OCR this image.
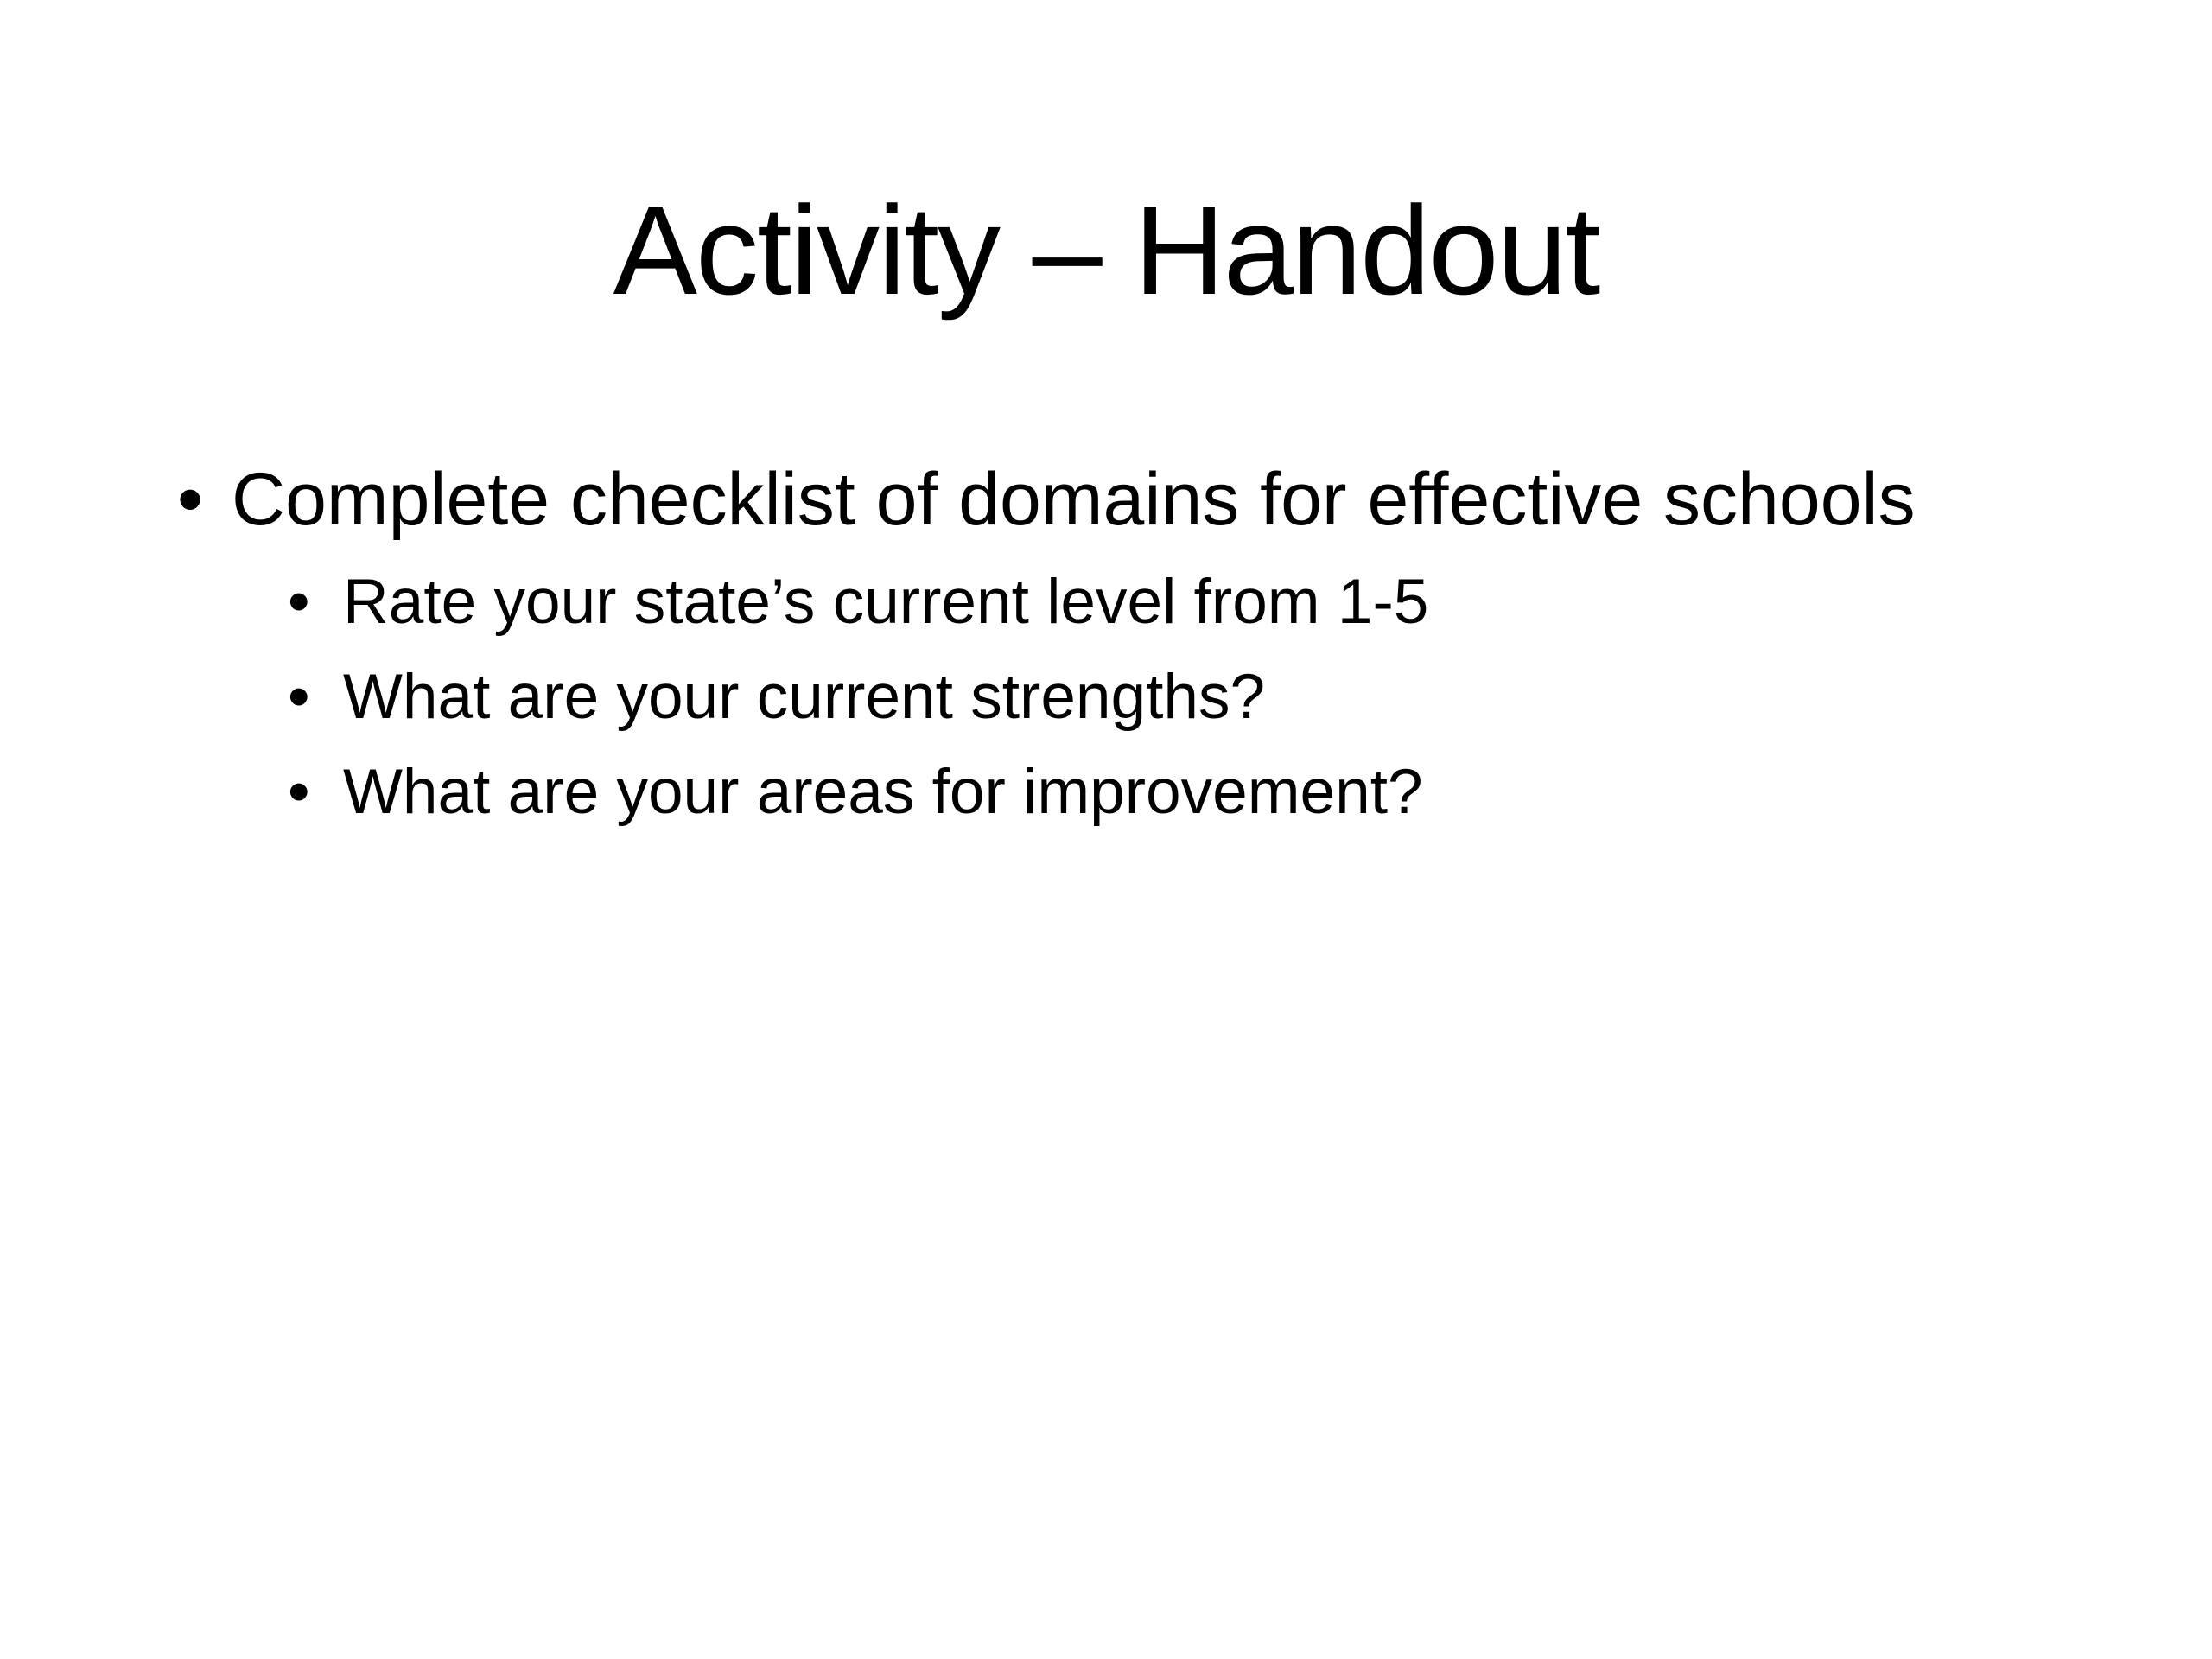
Activity – Handout
• Complete checklist of domains for effective schools
• Rate your state’s current level from 1-5
• What are your current strengths?
• What are your areas for improvement?
